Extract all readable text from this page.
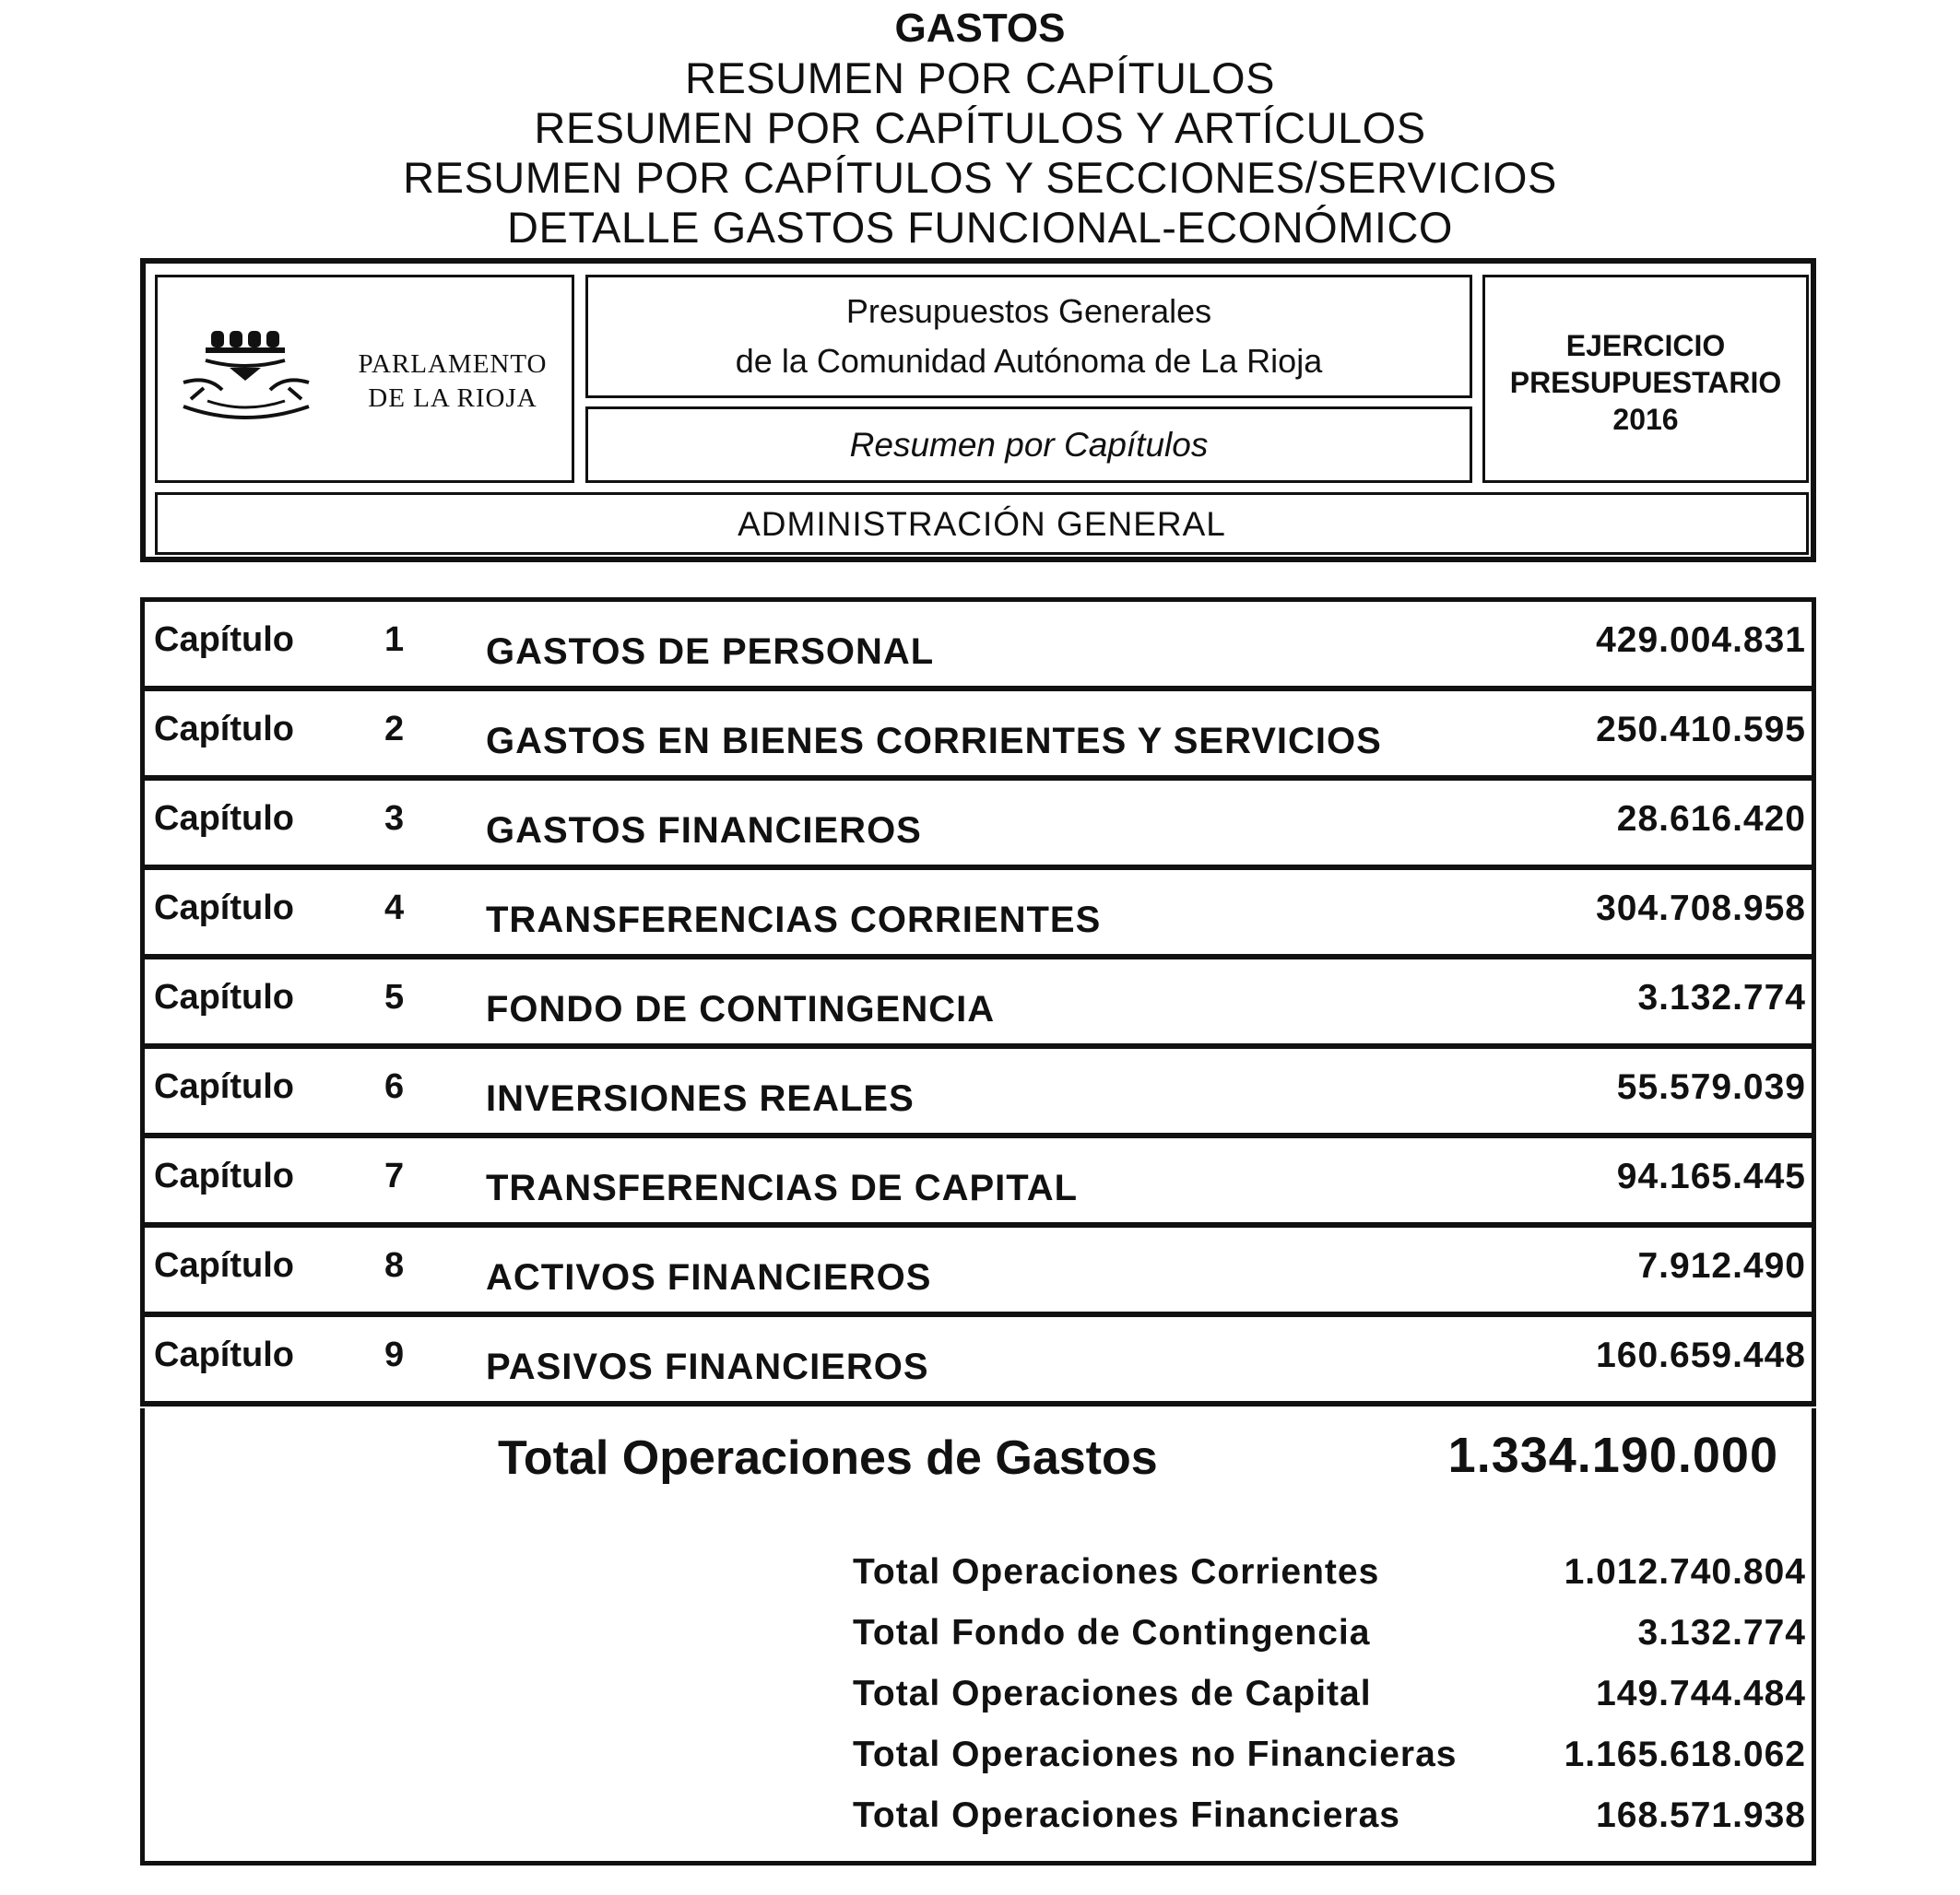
GASTOS
RESUMEN POR CAPÍTULOS
RESUMEN POR CAPÍTULOS Y ARTÍCULOS
RESUMEN POR CAPÍTULOS Y SECCIONES/SERVICIOS
DETALLE GASTOS FUNCIONAL-ECONÓMICO
PARLAMENTO
DE LA RIOJA
Presupuestos Generales
de la Comunidad Autónoma de La Rioja
Resumen por Capítulos
EJERCICIO
PRESUPUESTARIO
2016
ADMINISTRACIÓN GENERAL
Capítulo	1 GASTOS DE PERSONAL	429.004.831
Capítulo	2 GASTOS EN BIENES CORRIENTES Y SERVICIOS	250.410.595
Capítulo	3 GASTOS FINANCIEROS	28.616.420
Capítulo	4 TRANSFERENCIAS CORRIENTES	304.708.958
Capítulo	5 FONDO DE CONTINGENCIA	3.132.774
Capítulo	6 INVERSIONES REALES	55.579.039
Capítulo	7 TRANSFERENCIAS DE CAPITAL	94.165.445
Capítulo	8 ACTIVOS FINANCIEROS	7.912.490
Capítulo	9 PASIVOS FINANCIEROS	160.659.448
Total Operaciones de Gastos	1.334.190.000
Total Operaciones Corrientes	1.012.740.804
Total Fondo de Contingencia	3.132.774
Total Operaciones de Capital	149.744.484
Total Operaciones no Financieras	1.165.618.062
Total Operaciones Financieras	168.571.938
